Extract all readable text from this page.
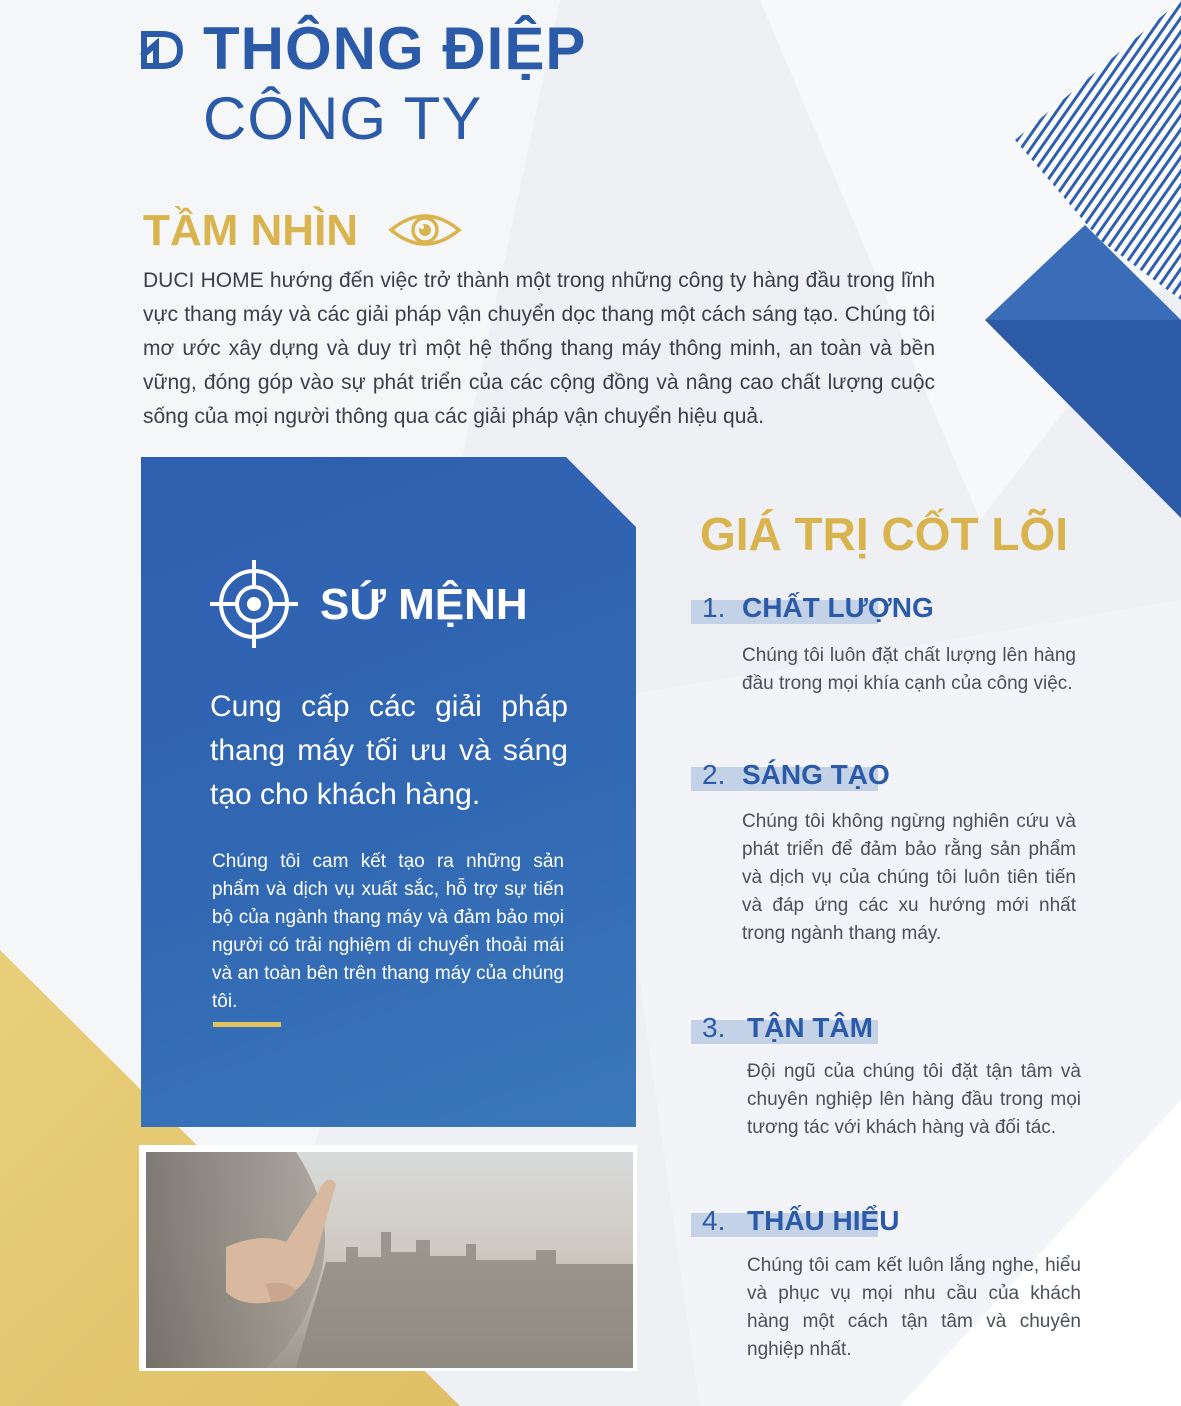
THÔNG ĐIỆP
CÔNG TY
TẦM NHÌN
DUCI HOME hướng đến việc trở thành một trong những công ty hàng đầu trong lĩnh vực thang máy và các giải pháp vận chuyển dọc thang một cách sáng tạo. Chúng tôi mơ ước xây dựng và duy trì một hệ thống thang máy thông minh, an toàn và bền vững, đóng góp vào sự phát triển của các cộng đồng và nâng cao chất lượng cuộc sống của mọi người thông qua các giải pháp vận chuyển hiệu quả.
SỨ MỆNH
Cung cấp các giải pháp thang máy tối ưu và sáng tạo cho khách hàng.
Chúng tôi cam kết tạo ra những sản phẩm và dịch vụ xuất sắc, hỗ trợ sự tiến bộ của ngành thang máy và đảm bảo mọi người có trải nghiệm di chuyển thoải mái và an toàn bên trên thang máy của chúng tôi.
GIÁ TRỊ CỐT LÕI
1. CHẤT LƯỢNG
Chúng tôi luôn đặt chất lượng lên hàng đầu trong mọi khía cạnh của công việc.
2. SÁNG TẠO
Chúng tôi không ngừng nghiên cứu và phát triển để đảm bảo rằng sản phẩm và dịch vụ của chúng tôi luôn tiên tiến và đáp ứng các xu hướng mới nhất trong ngành thang máy.
3. TẬN TÂM
Đội ngũ của chúng tôi đặt tận tâm và chuyên nghiệp lên hàng đầu trong mọi tương tác với khách hàng và đối tác.
4. THẤU HIỂU
Chúng tôi cam kết luôn lắng nghe, hiểu và phục vụ mọi nhu cầu của khách hàng một cách tận tâm và chuyên nghiệp nhất.
